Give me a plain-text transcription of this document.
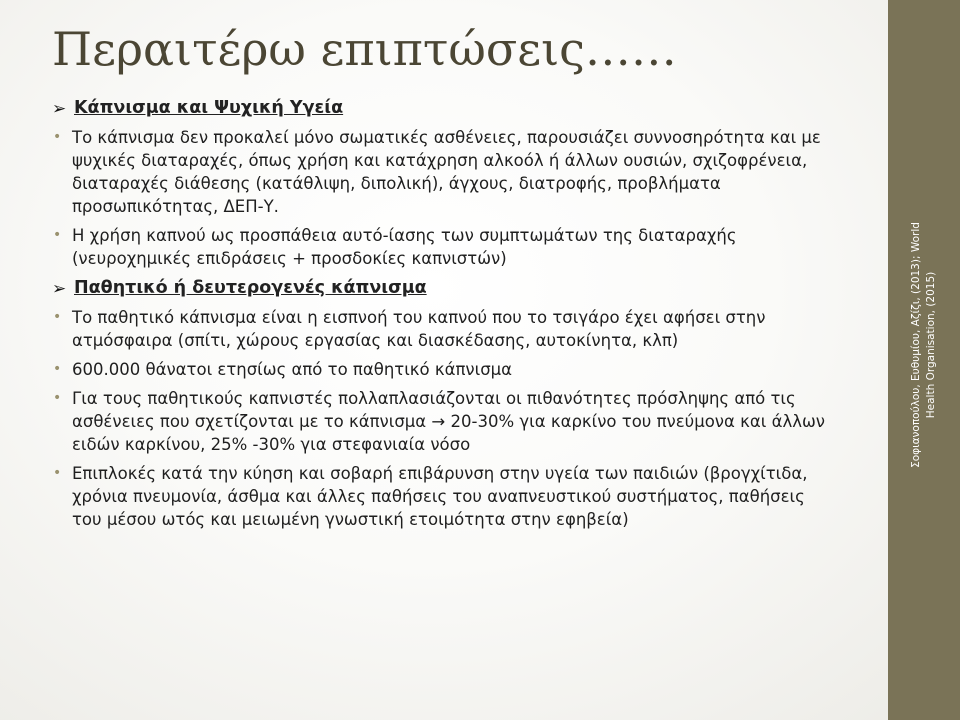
Περαιτέρω επιπτώσεις……
➢ Κάπνισμα και Ψυχική Υγεία
• Το κάπνισμα δεν προκαλεί μόνο σωματικές ασθένειες, παρουσιάζει συννοσηρότητα και με ψυχικές διαταραχές, όπως χρήση και κατάχρηση αλκοόλ ή άλλων ουσιών, σχιζοφρένεια, διαταραχές διάθεσης (κατάθλιψη, διπολική), άγχους, διατροφής, προβλήματα προσωπικότητας, ΔΕΠ-Υ.
• Η χρήση καπνού ως προσπάθεια αυτό-ίασης των συμπτωμάτων της διαταραχής (νευροχημικές επιδράσεις + προσδοκίες καπνιστών)
➢ Παθητικό ή δευτερογενές κάπνισμα
• Το παθητικό κάπνισμα είναι η εισπνοή του καπνού που το τσιγάρο έχει αφήσει στην ατμόσφαιρα (σπίτι, χώρους εργασίας και διασκέδασης, αυτοκίνητα, κλπ)
• 600.000 θάνατοι ετησίως από το παθητικό κάπνισμα
• Για τους παθητικούς καπνιστές πολλαπλασιάζονται οι πιθανότητες πρόσληψης από τις ασθένειες που σχετίζονται με το κάπνισμα → 20-30% για καρκίνο του πνεύμονα και άλλων ειδών καρκίνου, 25% -30% για στεφανιαία νόσο
• Επιπλοκές κατά την κύηση και σοβαρή επιβάρυνση στην υγεία των παιδιών (βρογχίτιδα, χρόνια πνευμονία, άσθμα και άλλες παθήσεις του αναπνευστικού συστήματος, παθήσεις του μέσου ωτός και μειωμένη γνωστική ετοιμότητα στην εφηβεία)
Σοφιανοπούλου, Ευθυμίου, Αζίζι, (2013); World Health Organisation, (2015)
